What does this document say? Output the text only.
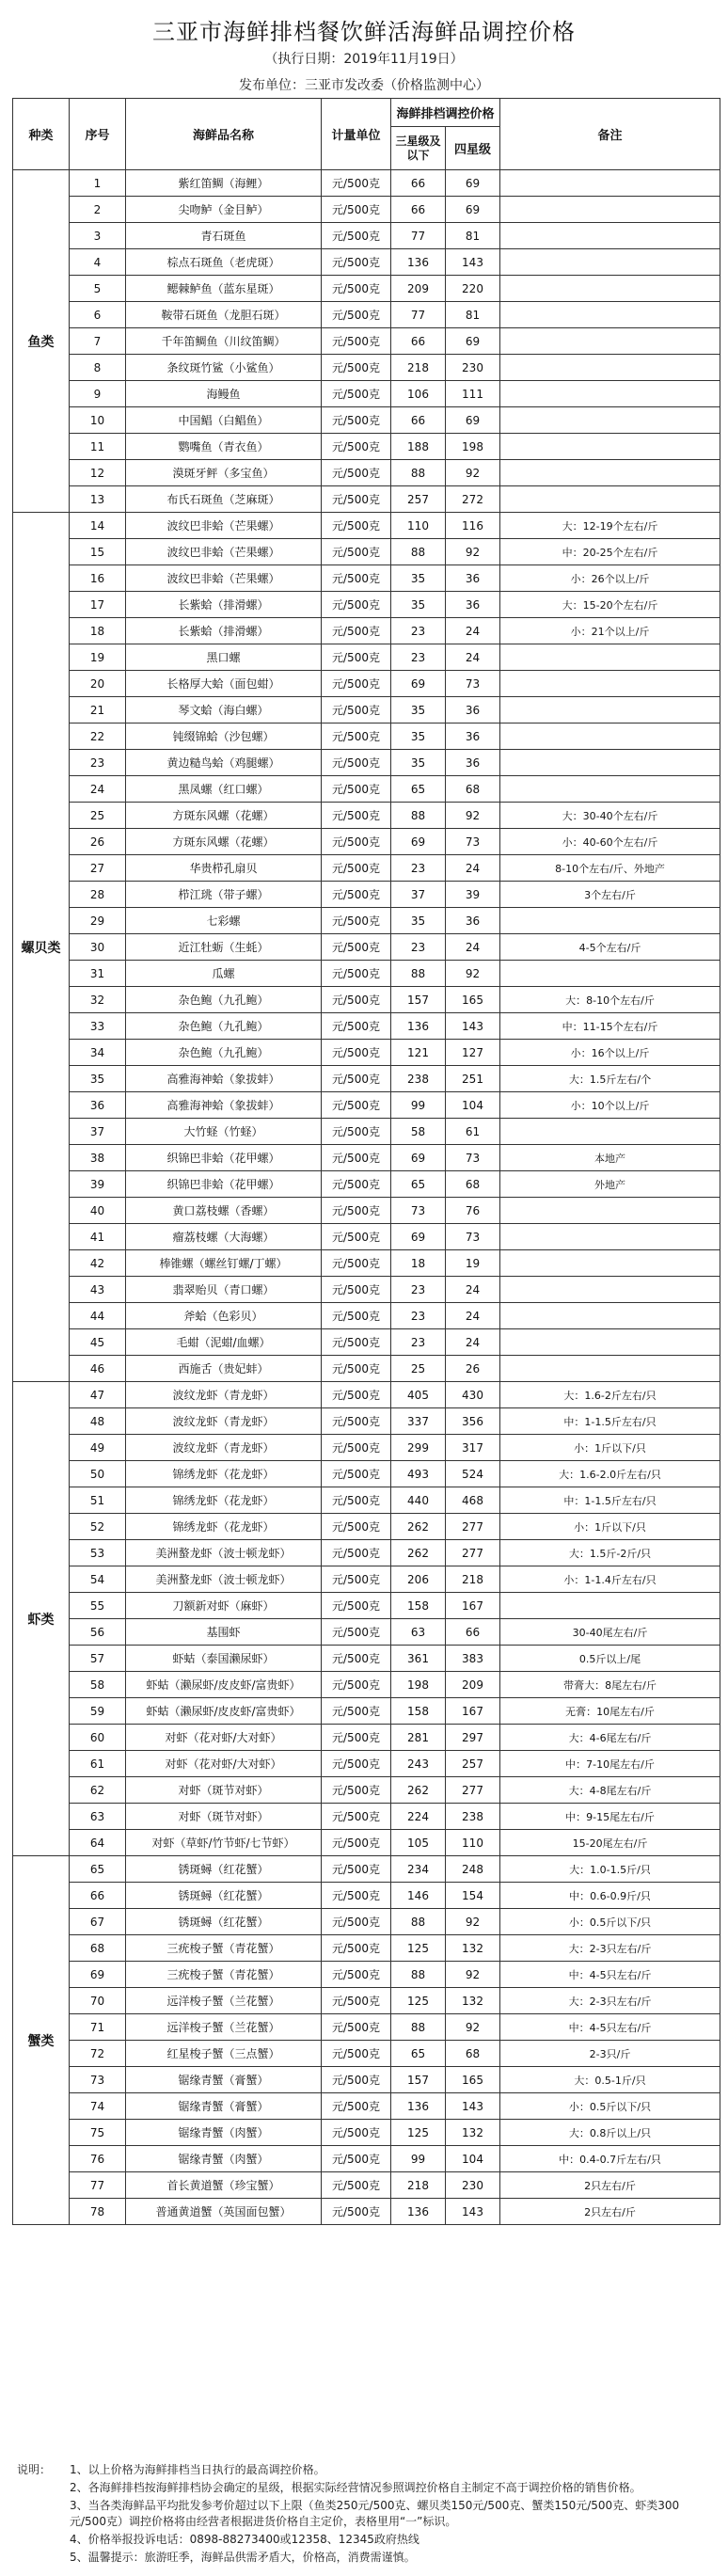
三亚市海鲜排档餐饮鲜活海鲜品调控价格
（执行日期：2019年11月19日）
发布单位：三亚市发改委（价格监测中心）
种类	序号	海鲜品名称	计量单位	海鲜排档调控价格		备注
				三星级及以下	四星级	
鱼类	1	紫红笛鲷（海鲤）	元/500克	66	69	
	2	尖吻鲈（金目鲈）	元/500克	66	69	
	3	青石斑鱼	元/500克	77	81	
	4	棕点石斑鱼（老虎斑）	元/500克	136	143	
	5	鳃棘鲈鱼（蓝东星斑）	元/500克	209	220	
	6	鞍带石斑鱼（龙胆石斑）	元/500克	77	81	
	7	千年笛鲷鱼（川纹笛鲷）	元/500克	66	69	
	8	条纹斑竹鲨（小鲨鱼）	元/500克	218	230	
	9	海鳗鱼	元/500克	106	111	
	10	中国鲳（白鲳鱼）	元/500克	66	69	
	11	鹦嘴鱼（青衣鱼）	元/500克	188	198	
	12	漠斑牙鲆（多宝鱼）	元/500克	88	92	
	13	布氏石斑鱼（芝麻斑）	元/500克	257	272	
螺贝类	14	波纹巴非蛤（芒果螺）	元/500克	110	116	大：12-19个左右/斤
	15	波纹巴非蛤（芒果螺）	元/500克	88	92	中：20-25个左右/斤
	16	波纹巴非蛤（芒果螺）	元/500克	35	36	小：26个以上/斤
	17	长紫蛤（排滑螺）	元/500克	35	36	大：15-20个左右/斤
	18	长紫蛤（排滑螺）	元/500克	23	24	小：21个以上/斤
	19	黑口螺	元/500克	23	24	
	20	长格厚大蛤（面包蚶）	元/500克	69	73	
	21	琴文蛤（海白螺）	元/500克	35	36	
	22	钝缀锦蛤（沙包螺）	元/500克	35	36	
	23	黄边糙鸟蛤（鸡腿螺）	元/500克	35	36	
	24	黑凤螺（红口螺）	元/500克	65	68	
	25	方斑东风螺（花螺）	元/500克	88	92	大：30-40个左右/斤
	26	方斑东风螺（花螺）	元/500克	69	73	小：40-60个左右/斤
	27	华贵栉孔扇贝	元/500克	23	24	8-10个左右/斤、外地产
	28	栉江珧（带子螺）	元/500克	37	39	3个左右/斤
	29	七彩螺	元/500克	35	36	
	30	近江牡蛎（生蚝）	元/500克	23	24	4-5个左右/斤
	31	瓜螺	元/500克	88	92	
	32	杂色鲍（九孔鲍）	元/500克	157	165	大：8-10个左右/斤
	33	杂色鲍（九孔鲍）	元/500克	136	143	中：11-15个左右/斤
	34	杂色鲍（九孔鲍）	元/500克	121	127	小：16个以上/斤
	35	高雅海神蛤（象拔蚌）	元/500克	238	251	大：1.5斤左右/个
	36	高雅海神蛤（象拔蚌）	元/500克	99	104	小：10个以上/斤
	37	大竹蛏（竹蛏）	元/500克	58	61	
	38	织锦巴非蛤（花甲螺）	元/500克	69	73	本地产
	39	织锦巴非蛤（花甲螺）	元/500克	65	68	外地产
	40	黄口荔枝螺（香螺）	元/500克	73	76	
	41	瘤荔枝螺（大海螺）	元/500克	69	73	
	42	棒锥螺（螺丝钉螺/丁螺）	元/500克	18	19	
	43	翡翠贻贝（青口螺）	元/500克	23	24	
	44	斧蛤（色彩贝）	元/500克	23	24	
	45	毛蚶（泥蚶/血螺）	元/500克	23	24	
	46	西施舌（贵妃蚌）	元/500克	25	26	
虾类	47	波纹龙虾（青龙虾）	元/500克	405	430	大：1.6-2斤左右/只
	48	波纹龙虾（青龙虾）	元/500克	337	356	中：1-1.5斤左右/只
	49	波纹龙虾（青龙虾）	元/500克	299	317	小：1斤以下/只
	50	锦绣龙虾（花龙虾）	元/500克	493	524	大：1.6-2.0斤左右/只
	51	锦绣龙虾（花龙虾）	元/500克	440	468	中：1-1.5斤左右/只
	52	锦绣龙虾（花龙虾）	元/500克	262	277	小：1斤以下/只
	53	美洲螯龙虾（波士顿龙虾）	元/500克	262	277	大：1.5斤-2斤/只
	54	美洲螯龙虾（波士顿龙虾）	元/500克	206	218	小：1-1.4斤左右/只
	55	刀额新对虾（麻虾）	元/500克	158	167	
	56	基围虾	元/500克	63	66	30-40尾左右/斤
	57	虾蛄（泰国濑尿虾）	元/500克	361	383	0.5斤以上/尾
	58	虾蛄（濑尿虾/皮皮虾/富贵虾）	元/500克	198	209	带膏大：8尾左右/斤
	59	虾蛄（濑尿虾/皮皮虾/富贵虾）	元/500克	158	167	无膏：10尾左右/斤
	60	对虾（花对虾/大对虾）	元/500克	281	297	大：4-6尾左右/斤
	61	对虾（花对虾/大对虾）	元/500克	243	257	中：7-10尾左右/斤
	62	对虾（斑节对虾）	元/500克	262	277	大：4-8尾左右/斤
	63	对虾（斑节对虾）	元/500克	224	238	中：9-15尾左右/斤
	64	对虾（草虾/竹节虾/七节虾）	元/500克	105	110	15-20尾左右/斤
蟹类	65	锈斑蟳（红花蟹）	元/500克	234	248	大：1.0-1.5斤/只
	66	锈斑蟳（红花蟹）	元/500克	146	154	中：0.6-0.9斤/只
	67	锈斑蟳（红花蟹）	元/500克	88	92	小：0.5斤以下/只
	68	三疣梭子蟹（青花蟹）	元/500克	125	132	大：2-3只左右/斤
	69	三疣梭子蟹（青花蟹）	元/500克	88	92	中：4-5只左右/斤
	70	远洋梭子蟹（兰花蟹）	元/500克	125	132	大：2-3只左右/斤
	71	远洋梭子蟹（兰花蟹）	元/500克	88	92	中：4-5只左右/斤
	72	红星梭子蟹（三点蟹）	元/500克	65	68	2-3只/斤
	73	锯缘青蟹（膏蟹）	元/500克	157	165	大：0.5-1斤/只
	74	锯缘青蟹（膏蟹）	元/500克	136	143	小：0.5斤以下/只
	75	锯缘青蟹（肉蟹）	元/500克	125	132	大：0.8斤以上/只
	76	锯缘青蟹（肉蟹）	元/500克	99	104	中：0.4-0.7斤左右/只
	77	首长黄道蟹（珍宝蟹）	元/500克	218	230	2只左右/斤
	78	普通黄道蟹（英国面包蟹）	元/500克	136	143	2只左右/斤
说明：	1、以上价格为海鲜排档当日执行的最高调控价格。
2、各海鲜排档按海鲜排档协会确定的星级，根据实际经营情况参照调控价格自主制定不高于调控价格的销售价格。
3、当各类海鲜品平均批发参考价超过以下上限（鱼类250元/500克、螺贝类150元/500克、蟹类150元/500克、虾类300元/500克）调控价格将由经营者根据进货价格自主定价，表格里用“一”标识。
4、价格举报投诉电话：0898-88273400或12358、12345政府热线
5、温馨提示：旅游旺季，海鲜品供需矛盾大，价格高，消费需谨慎。
